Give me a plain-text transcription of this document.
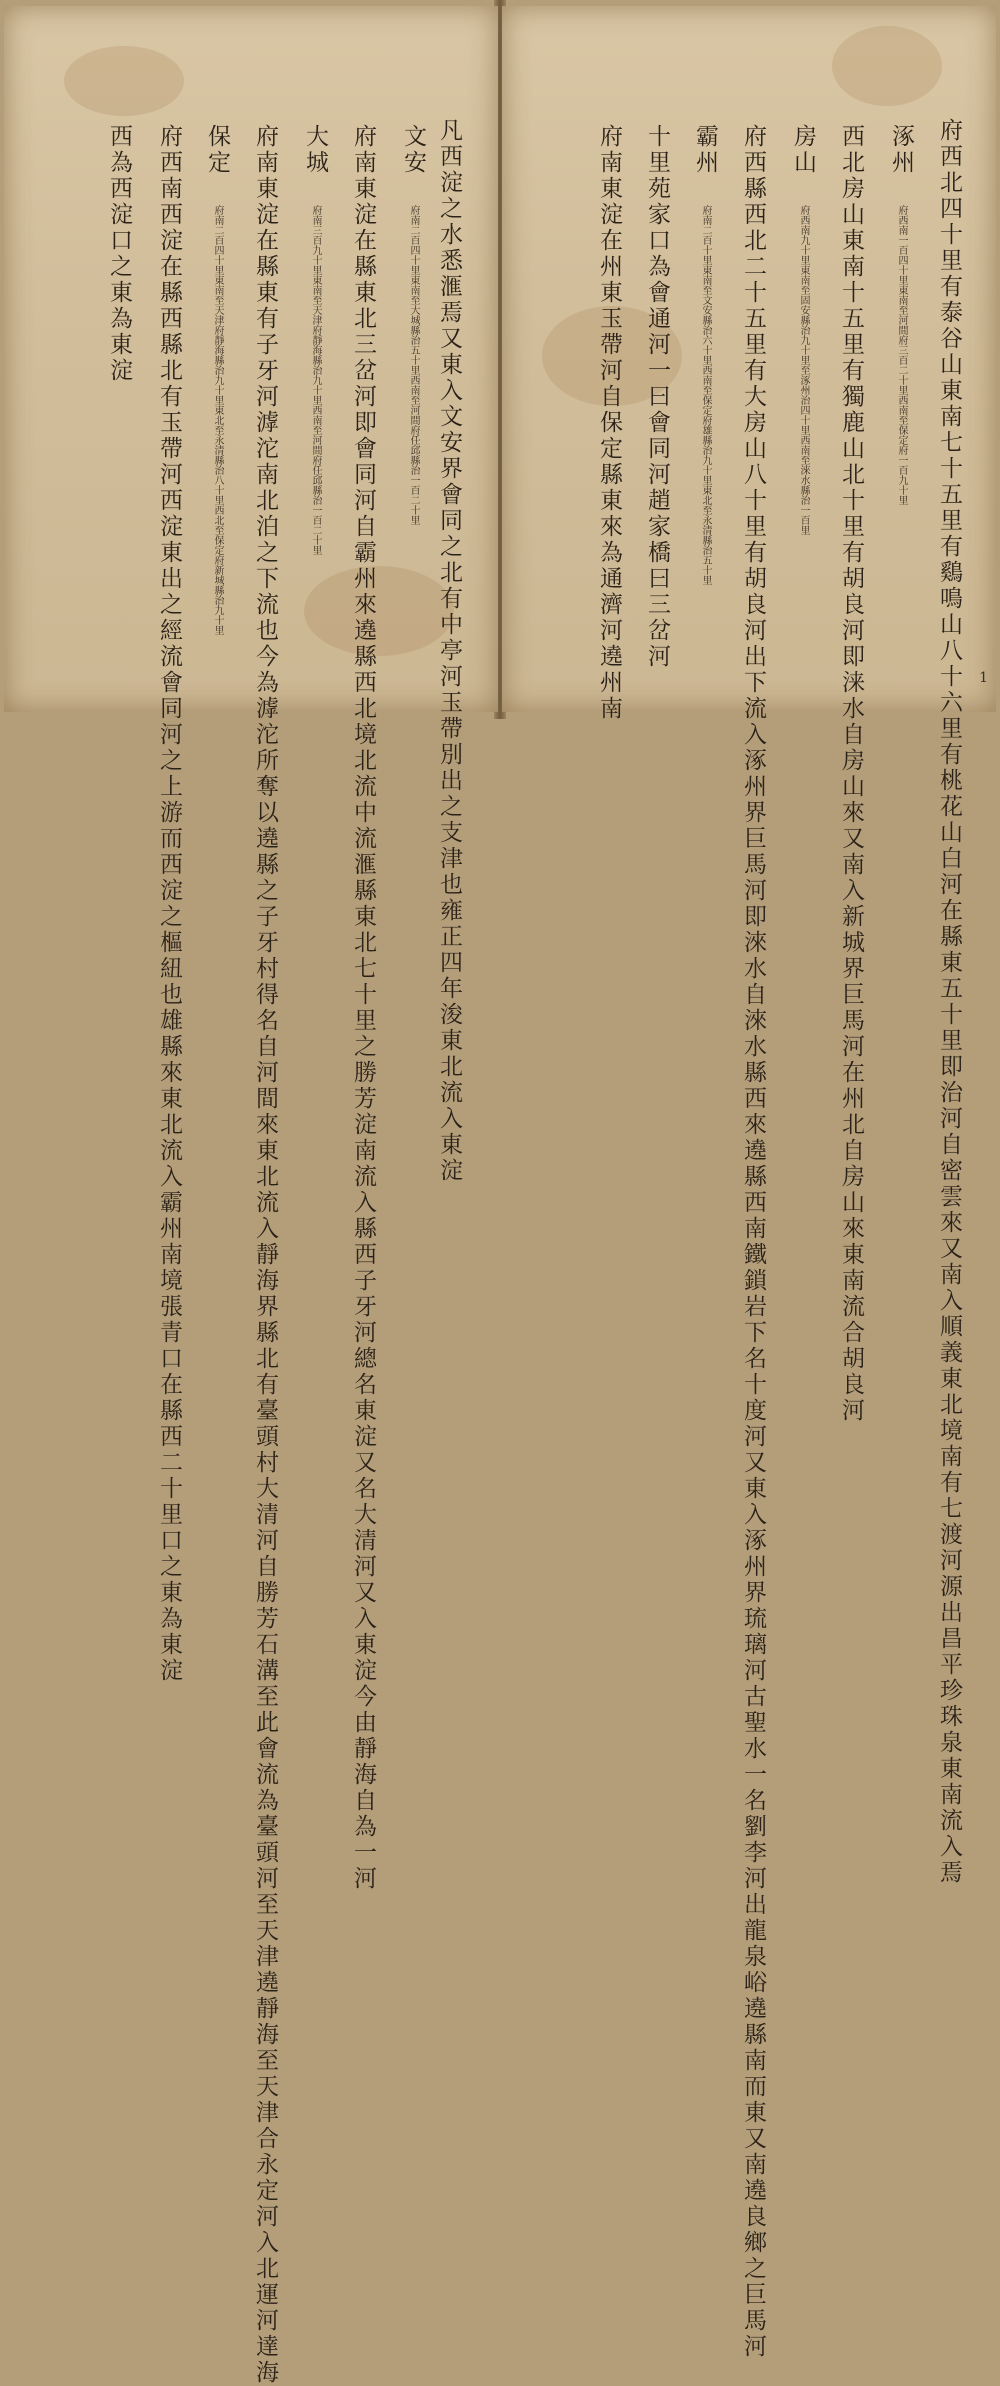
凡西淀之水悉滙焉又東入文安界會同之北有中亭河玉帶別出之支津也雍正四年浚東北流入東淀
文安 府南二百四十里東南至大城縣治五十里西南至河間府任邱縣治一百二十里
府南東淀在縣東北三岔河即會同河自霸州來遶縣西北境北流中流滙縣東北七十里之勝芳淀南流入縣西子牙河總名東淀又名大清河又入東淀今由靜海自為一河
大城 府南三百九十里東南至天津府靜海縣治九十里西南至河間府任邱縣治一百二十里
府南東淀在縣東有子牙河滹沱南北泊之下流也今為滹沱所奪以遶縣之子牙村得名自河間來東北流入靜海界縣北有臺頭村大清河自勝芳石溝至此會流為臺頭河至天津遶靜海至天津合永定河入北運河達海
保定 府南二百四十里東南至天津府靜海縣治九十里東北至永清縣治八十里西北至保定府新城縣治九十里
府西南西淀在縣西縣北有玉帶河西淀東出之經流會同河之上游而西淀之樞紐也雄縣來東北流入霸州南境張青口在縣西二十里口之東為東淀
西為西淀口之東為東淀	府西北四十里有泰谷山東南七十五里有鷄鳴山八十六里有桃花山白河在縣東五十里即治河自密雲來又南入順義東北境南有七渡河源出昌平珍珠泉東南流入焉
涿州 府西南一百四十里東南至河間府三百二十里西南至保定府一百九十里
西北房山東南十五里有獨鹿山北十里有胡良河即涞水自房山來又南入新城界巨馬河在州北自房山來東南流合胡良河
房山 府西南九十里東南至固安縣治九十里至涿州治四十里西南至淶水縣治一百里
府西縣西北二十五里有大房山八十里有胡良河出下流入涿州界巨馬河即淶水自淶水縣西來遶縣西南鐵鎖岩下名十度河又東入涿州界琉璃河古聖水一名劉李河出龍泉峪遶縣南而東又南遶良鄉之巨馬河
霸州 府南二百十里東南至文安縣治六十里西南至保定府雄縣治九十里東北至永清縣治五十里
十里苑家口為會通河一曰會同河趙家橋曰三岔河
府南東淀在州東玉帶河自保定縣東來為通濟河遶州南	1
